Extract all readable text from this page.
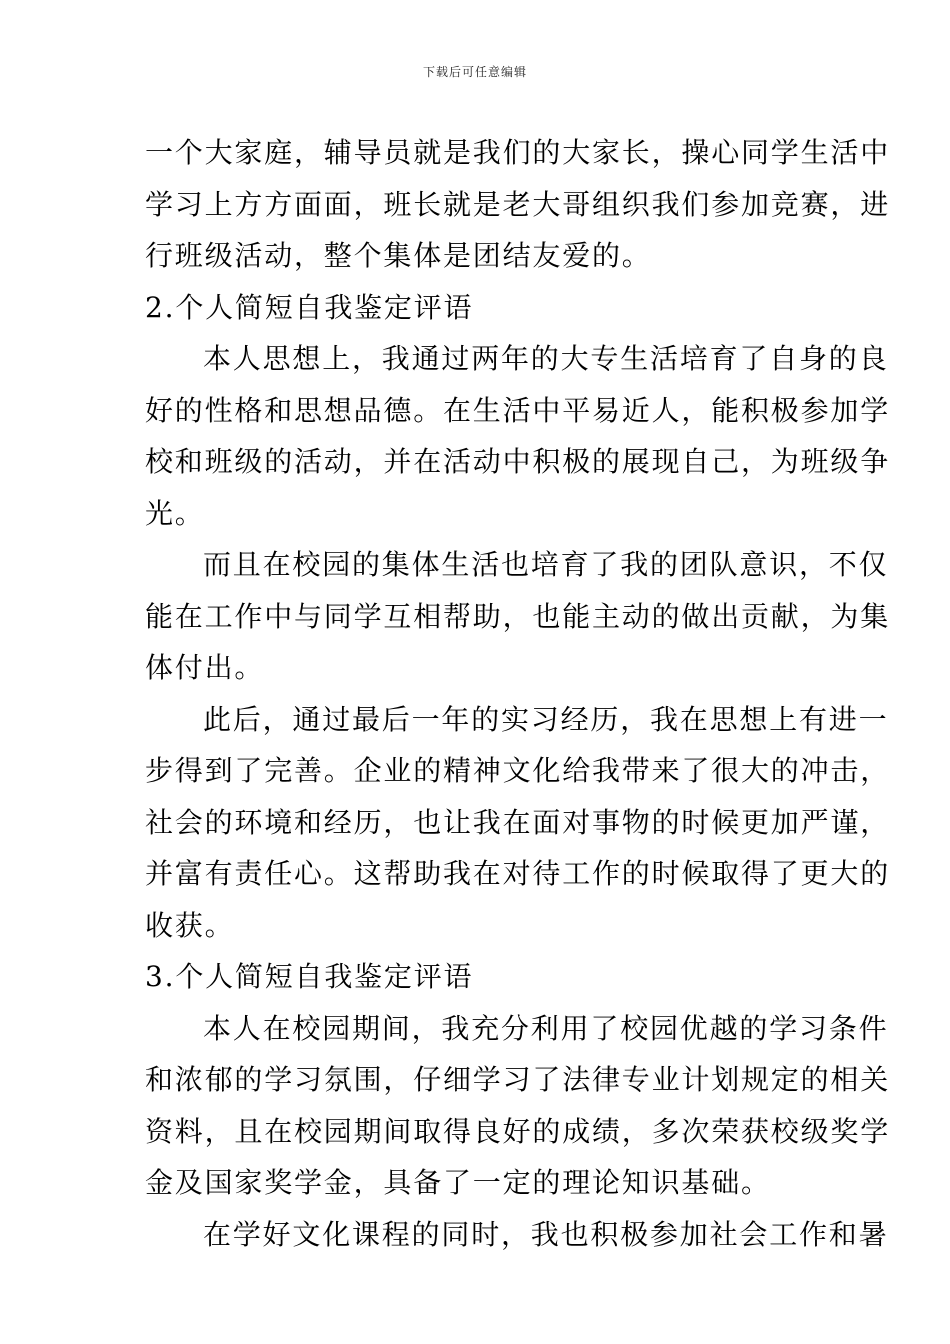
下载后可任意编辑
一个大家庭，辅导员就是我们的大家长，操心同学生活中
学习上方方面面，班长就是老大哥组织我们参加竞赛，进
行班级活动，整个集体是团结友爱的。
2.个人简短自我鉴定评语
本人思想上，我通过两年的大专生活培育了自身的良
好的性格和思想品德。在生活中平易近人，能积极参加学
校和班级的活动，并在活动中积极的展现自己，为班级争
光。
而且在校园的集体生活也培育了我的团队意识，不仅
能在工作中与同学互相帮助，也能主动的做出贡献，为集
体付出。
此后，通过最后一年的实习经历，我在思想上有进一
步得到了完善。企业的精神文化给我带来了很大的冲击，
社会的环境和经历，也让我在面对事物的时候更加严谨，
并富有责任心。这帮助我在对待工作的时候取得了更大的
收获。
3.个人简短自我鉴定评语
本人在校园期间，我充分利用了校园优越的学习条件
和浓郁的学习氛围，仔细学习了法律专业计划规定的相关
资料，且在校园期间取得良好的成绩，多次荣获校级奖学
金及国家奖学金，具备了一定的理论知识基础。
在学好文化课程的同时，我也积极参加社会工作和暑
